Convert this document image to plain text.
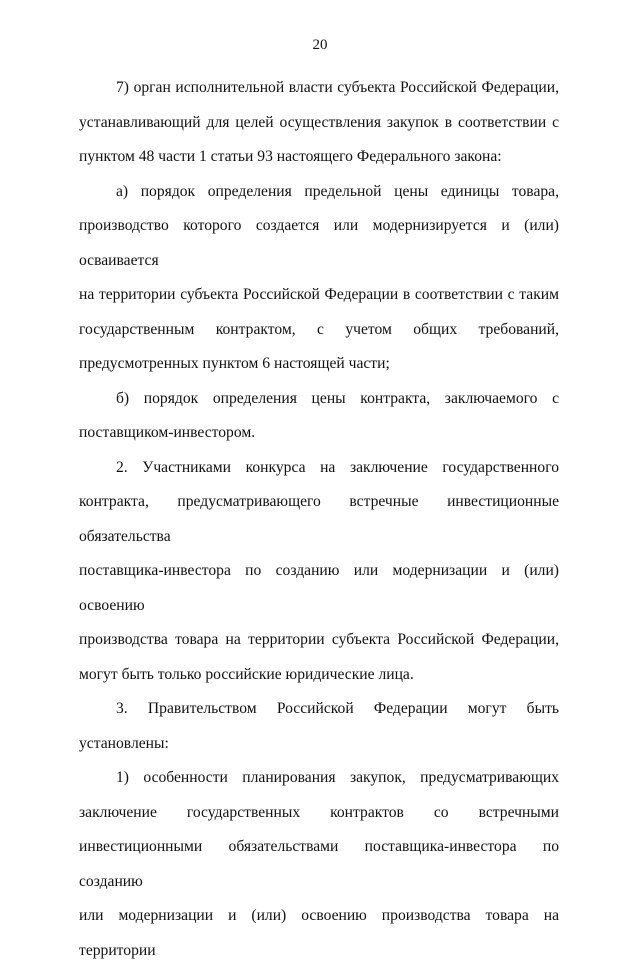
20

7) орган исполнительной власти субъекта Российской Федерации,

устанавливающий для целей осуществления закупок в соответствии с

пунктом 48 части 1 статьи 93 настоящего Федерального закона:

а) порядок определения предельной цены единицы товара,

производство которого создается или модернизируется и (или) осваивается

на территории субъекта Российской Федерации в соответствии с таким

государственным контрактом, с учетом общих требований,

предусмотренных пунктом 6 настоящей части;

б) порядок определения цены контракта, заключаемого с

поставщиком-инвестором.

2. Участниками конкурса на заключение государственного

контракта, предусматривающего встречные инвестиционные обязательства

поставщика-инвестора по созданию или модернизации и (или) освоению

производства товара на территории субъекта Российской Федерации,

могут быть только российские юридические лица.

3. Правительством Российской Федерации могут быть установлены:

1) особенности планирования закупок, предусматривающих

заключение государственных контрактов со встречными

инвестиционными обязательствами поставщика-инвестора по созданию

или модернизации и (или) освоению производства товара на территории
